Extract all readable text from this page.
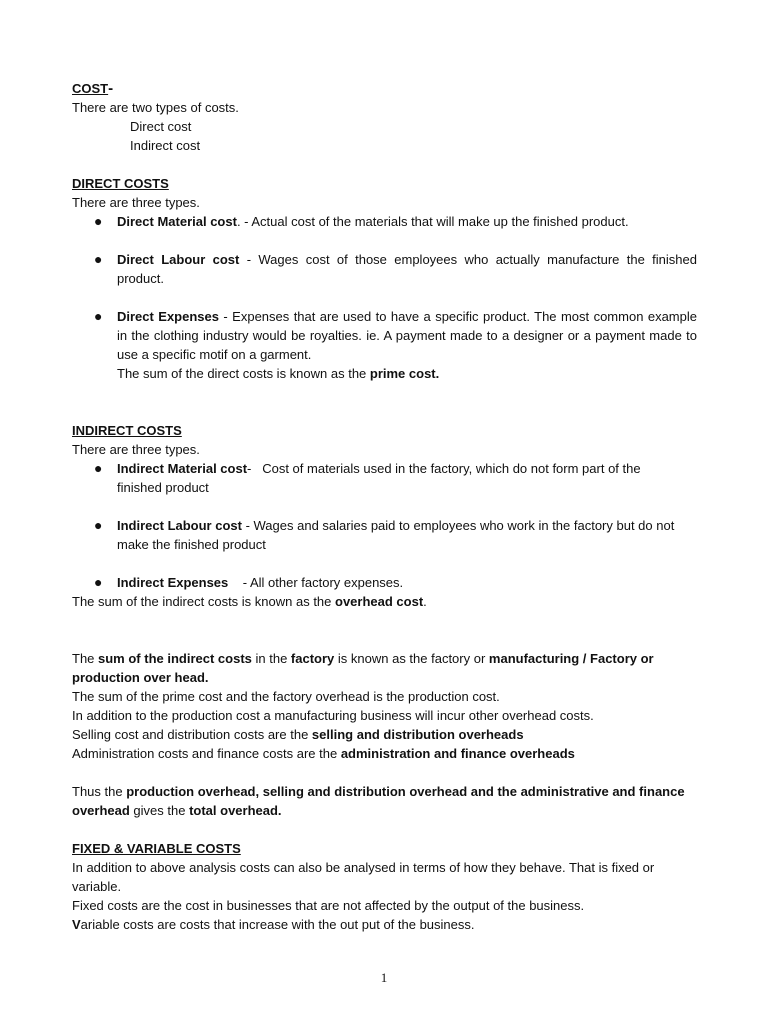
COST-
There are two types of costs.
Direct cost
Indirect cost
DIRECT COSTS
There are three types.
● Direct Material cost. - Actual cost of the materials that will make up the finished product.
● Direct Labour cost - Wages cost of those employees who actually manufacture the finished product.
● Direct Expenses - Expenses that are used to have a specific product. The most common example in the clothing industry would be royalties. ie. A payment made to a designer or a payment made to use a specific motif on a garment.
The sum of the direct costs is known as the prime cost.
INDIRECT COSTS
There are three types.
● Indirect Material cost-   Cost of materials used in the factory, which do not form part of the finished product
● Indirect Labour cost - Wages and salaries paid to employees who work in the factory but do not  make the finished product
● Indirect Expenses    - All other factory expenses.
The sum of the indirect costs is known as the overhead cost.
The sum of the indirect costs in the factory is known as the factory or manufacturing / Factory or production over head.
The sum of the prime cost and the factory overhead is the production cost.
In addition to the production cost a manufacturing business will incur other overhead costs.
Selling cost and distribution costs are the selling and distribution overheads
Administration costs and finance costs are the administration and finance overheads
Thus the production overhead, selling and distribution overhead and the administrative and finance overhead gives the total overhead.
FIXED & VARIABLE COSTS
In addition to above analysis costs can also be analysed in terms of how they behave. That is fixed or variable.
Fixed costs are the cost in businesses that are not affected by the output of the business.
Variable costs are costs that increase with the out put of the business.
1
